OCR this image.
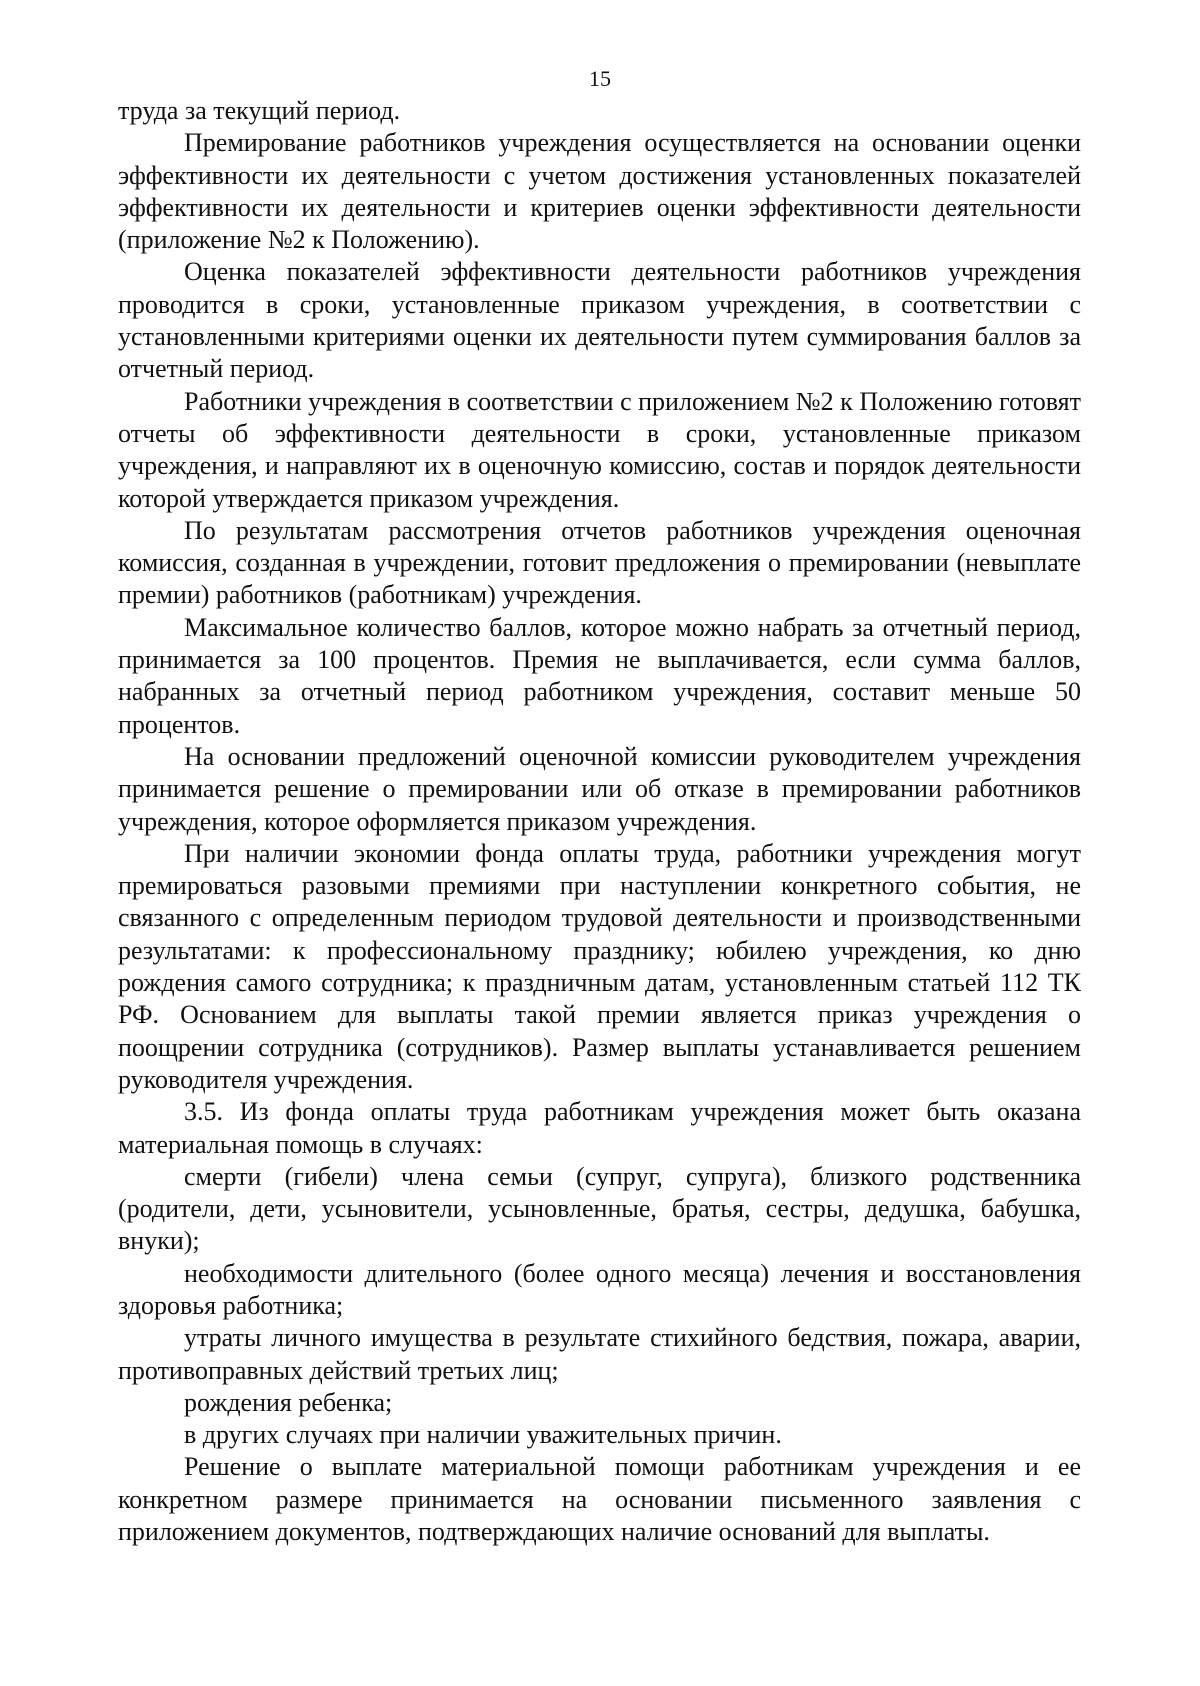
15

труда за текущий период.

Премирование работников учреждения осуществляется на основании оценки эффективности их деятельности с учетом достижения установленных показателей эффективности их деятельности и критериев оценки эффективности деятельности (приложение №2 к Положению).

Оценка показателей эффективности деятельности работников учреждения проводится в сроки, установленные приказом учреждения, в соответствии с установленными критериями оценки их деятельности путем суммирования баллов за отчетный период.

Работники учреждения в соответствии с приложением №2 к Положению готовят отчеты об эффективности деятельности в сроки, установленные приказом учреждения, и направляют их в оценочную комиссию, состав и порядок деятельности которой утверждается приказом учреждения.

По результатам рассмотрения отчетов работников учреждения оценочная комиссия, созданная в учреждении, готовит предложения о премировании (невыплате премии) работников (работникам) учреждения.

Максимальное количество баллов, которое можно набрать за отчетный период, принимается за 100 процентов. Премия не выплачивается, если сумма баллов, набранных за отчетный период работником учреждения, составит меньше 50 процентов.

На основании предложений оценочной комиссии руководителем учреждения принимается решение о премировании или об отказе в премировании работников учреждения, которое оформляется приказом учреждения.

При наличии экономии фонда оплаты труда, работники учреждения могут премироваться разовыми премиями при наступлении конкретного события, не связанного с определенным периодом трудовой деятельности и производственными результатами: к профессиональному празднику; юбилею учреждения, ко дню рождения самого сотрудника; к праздничным датам, установленным статьей 112 ТК РФ. Основанием для выплаты такой премии является приказ учреждения о поощрении сотрудника (сотрудников). Размер выплаты устанавливается решением руководителя учреждения.

3.5. Из фонда оплаты труда работникам учреждения может быть оказана материальная помощь в случаях:

смерти (гибели) члена семьи (супруг, супруга), близкого родственника (родители, дети, усыновители, усыновленные, братья, сестры, дедушка, бабушка, внуки);

необходимости длительного (более одного месяца) лечения и восстановления здоровья работника;

утраты личного имущества в результате стихийного бедствия, пожара, аварии, противоправных действий третьих лиц;

рождения ребенка;

в других случаях при наличии уважительных причин.

Решение о выплате материальной помощи работникам учреждения и ее конкретном размере принимается на основании письменного заявления с приложением документов, подтверждающих наличие оснований для выплаты.
